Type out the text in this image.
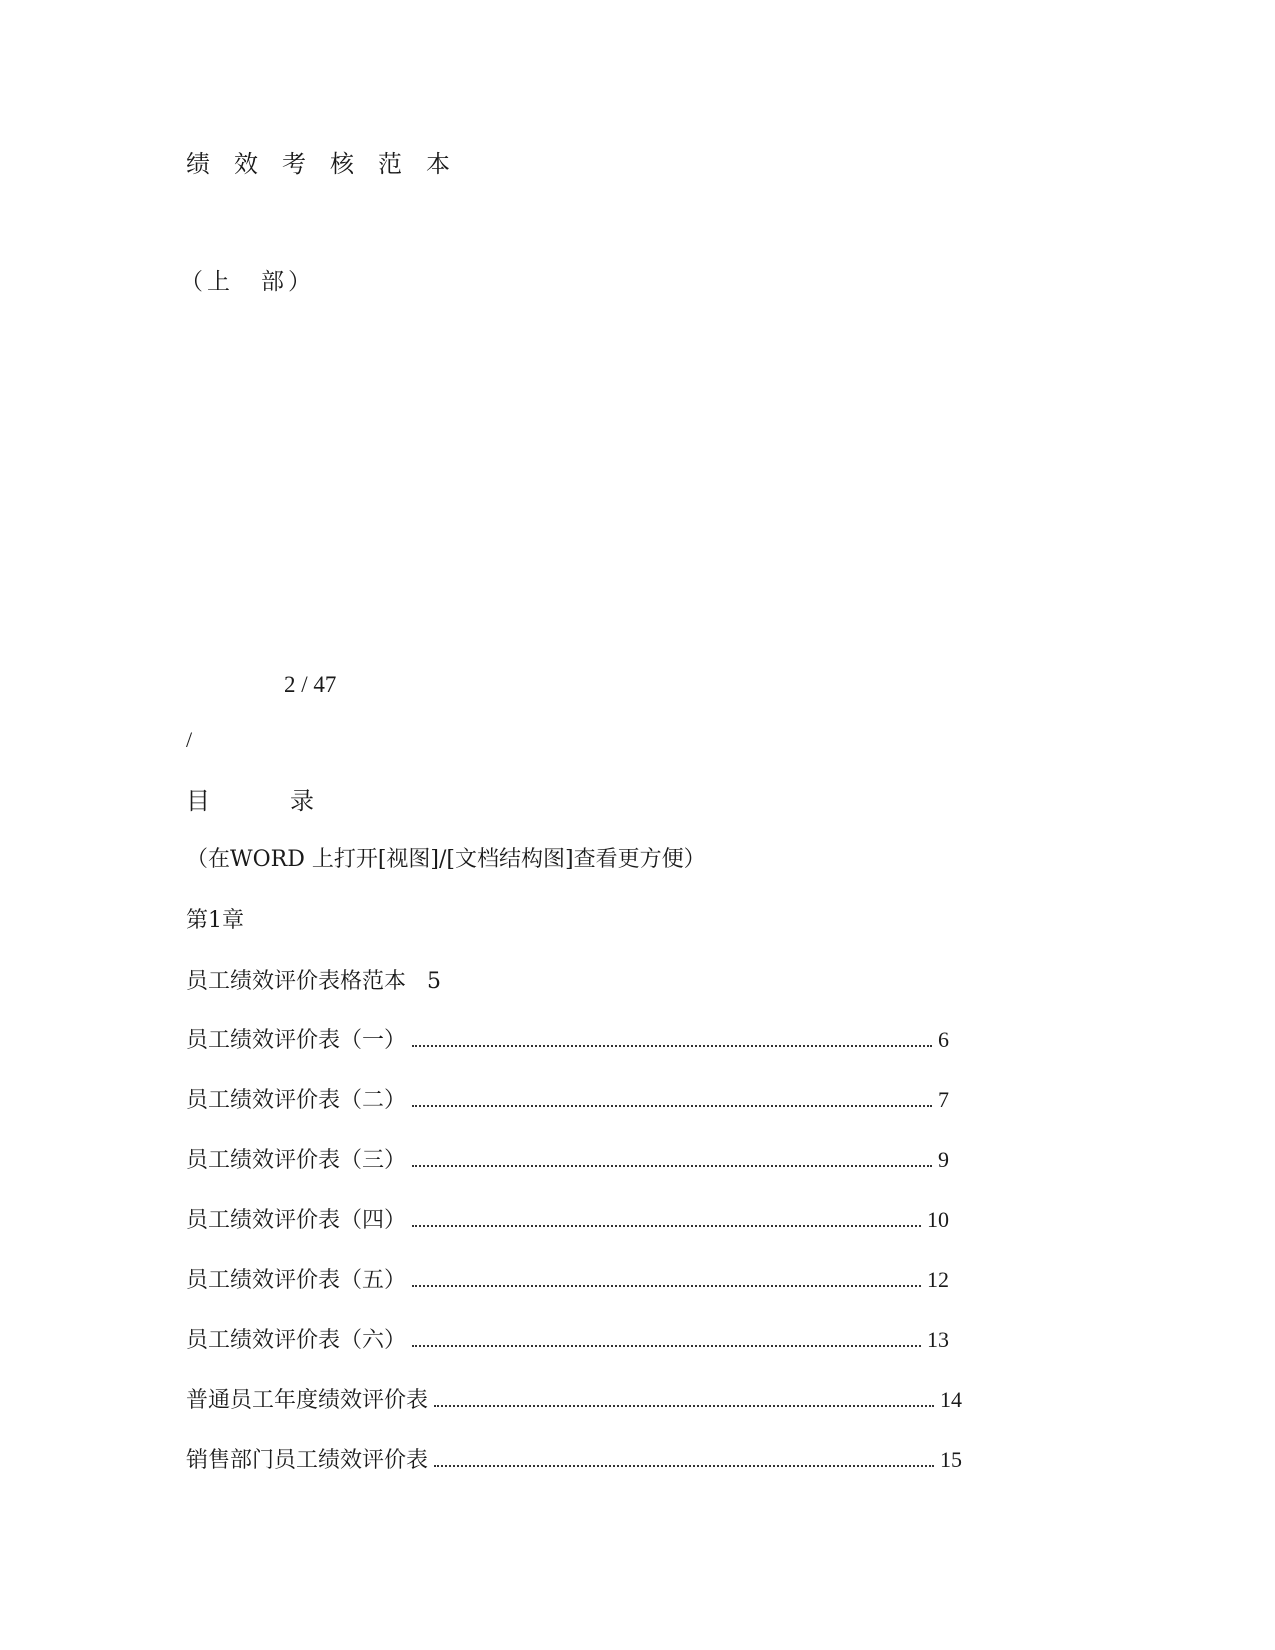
绩效考核范本
（上　部）
2 / 47
/
目　录
（在WORD 上打开[视图]/[文档结构图]查看更方便）
第1章
员工绩效评价表格范本 5
员工绩效评价表（一）	6
员工绩效评价表（二）	7
员工绩效评价表（三）	9
员工绩效评价表（四）	10
员工绩效评价表（五）	12
员工绩效评价表（六）	13
普通员工年度绩效评价表	14
销售部门员工绩效评价表	15
